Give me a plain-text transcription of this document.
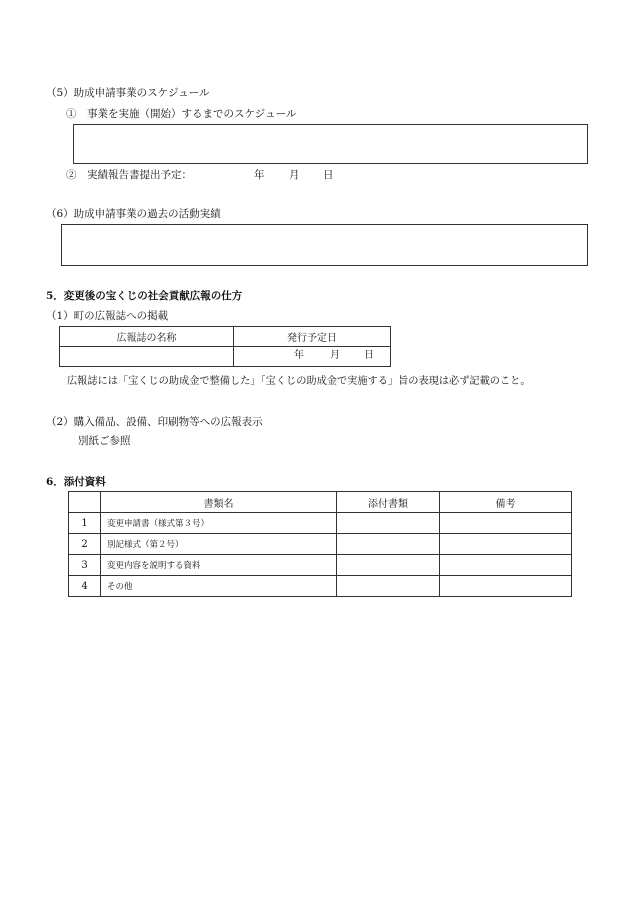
（5）助成申請事業のスケジュール
①　事業を実施（開始）するまでのスケジュール
②　実績報告書提出予定：	年 月 日
（6）助成申請事業の過去の活動実績
5．変更後の宝くじの社会貢献広報の仕方
（1）町の広報誌への掲載
広報誌の名称	発行予定日

	年 月 日
広報誌には「宝くじの助成金で整備した」「宝くじの助成金で実施する」旨の表現は必ず記載のこと。
（2）購入備品、設備、印刷物等への広報表示
別紙ご参照
6．添付資料
	書類名	添付書類	備考
1	変更申請書（様式第３号）		
2	別記様式（第２号）		
3	変更内容を説明する資料		
4	その他		
